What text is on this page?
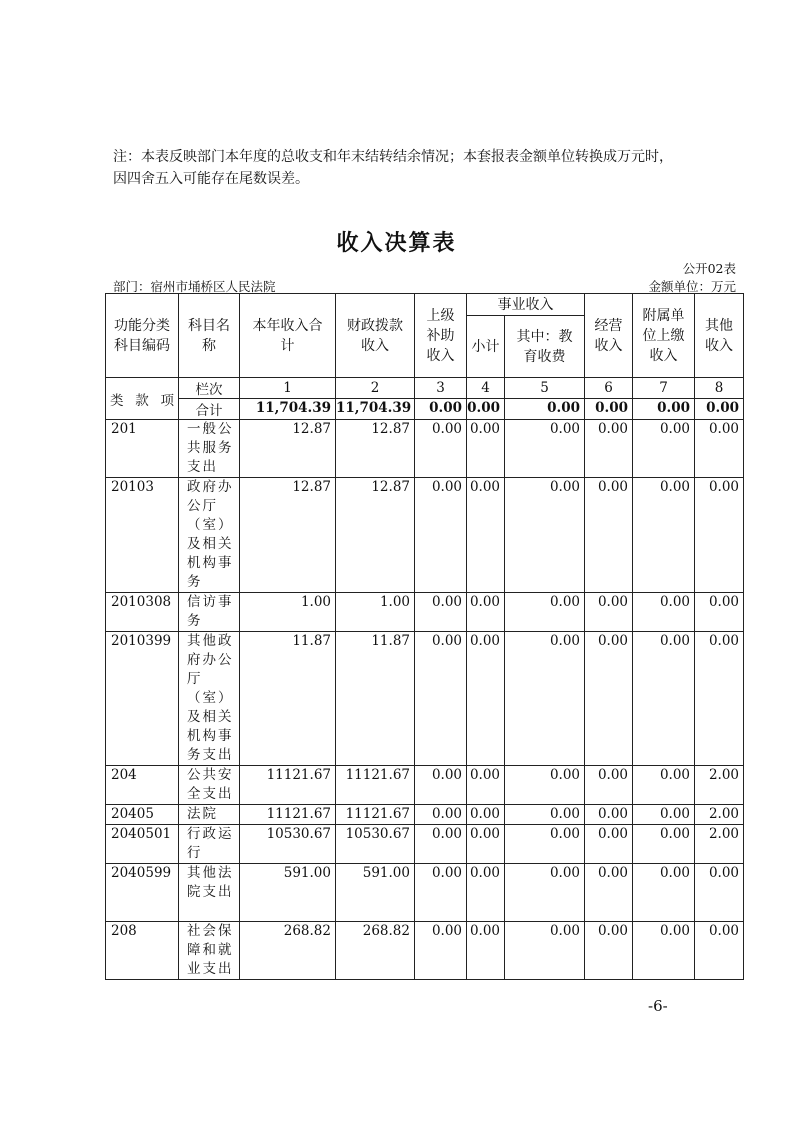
注：本表反映部门本年度的总收支和年末结转结余情况；本套报表金额单位转换成万元时，
因四舍五入可能存在尾数误差。
收入决算表
公开02表
部门：宿州市埇桥区人民法院	金额单位：万元
功能分类科目编码	科目名称	本年收入合计	财政拨款收入	上级补助收入	事业收入		经营收入	附属单位上缴收入	其他收入

					小计	其中：教育收费			

类 款 项	栏次	1	2	3	4	5	6	7	8
	合计	11,704.39	11,704.39	0.00	0.00	0.00	0.00	0.00	0.00
201	一般公共服务支出	12.87	12.87	0.00	0.00	0.00	0.00	0.00	0.00
20103	政府办公厅（室）及相关机构事务	12.87	12.87	0.00	0.00	0.00	0.00	0.00	0.00
2010308	信访事务	1.00	1.00	0.00	0.00	0.00	0.00	0.00	0.00
2010399	其他政府办公厅（室）及相关机构事务支出	11.87	11.87	0.00	0.00	0.00	0.00	0.00	0.00
204	公共安全支出	11121.67	11121.67	0.00	0.00	0.00	0.00	0.00	2.00
20405	法院	11121.67	11121.67	0.00	0.00	0.00	0.00	0.00	2.00
2040501	行政运行	10530.67	10530.67	0.00	0.00	0.00	0.00	0.00	2.00
2040599	其他法院支出	591.00	591.00	0.00	0.00	0.00	0.00	0.00	0.00
208	社会保障和就业支出	268.82	268.82	0.00	0.00	0.00	0.00	0.00	0.00
-6-
